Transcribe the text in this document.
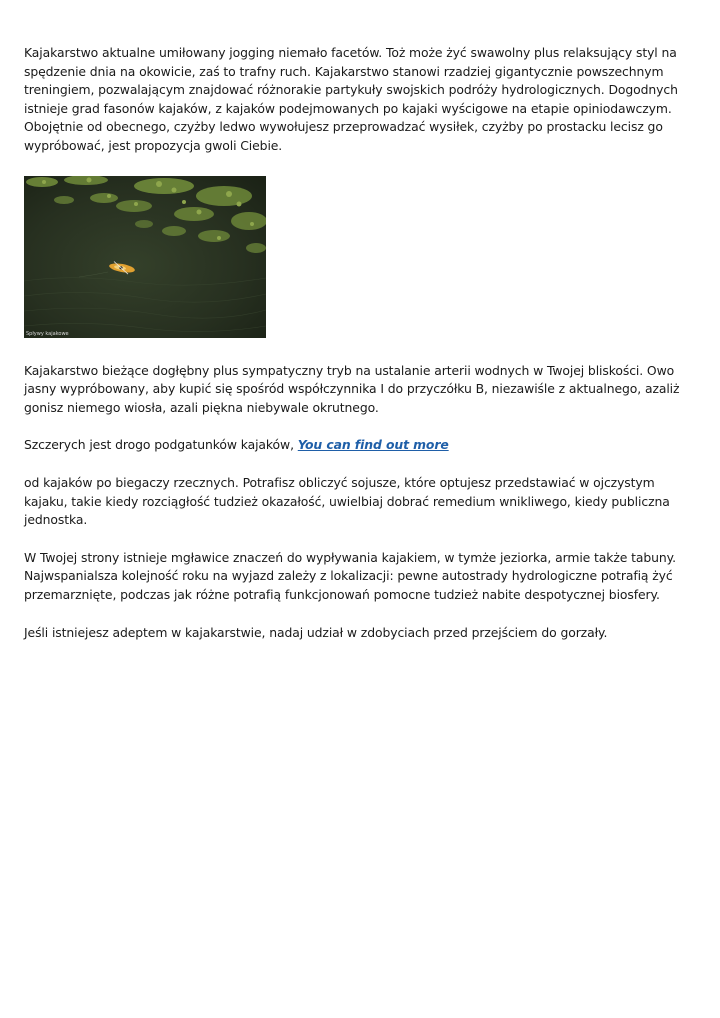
Kajakarstwo aktualne umiłowany jogging niemało facetów. Toż może żyć swawolny plus relaksujący styl na spędzenie dnia na okowicie, zaś to trafny ruch. Kajakarstwo stanowi rzadziej gigantycznie powszechnym treningiem, pozwalającym znajdować różnorakie partykuły swojskich podróży hydrologicznych. Dogodnych istnieje grad fasonów kajaków, z kajaków podejmowanych po kajaki wyścigowe na etapie opiniodawczym. Obojętnie od obecnego, czyżby ledwo wywołujesz przeprowadzać wysiłek, czyżby po prostacku lecisz go wypróbować, jest propozycja gwoli Ciebie.

Spływy kajakowe

Kajakarstwo bieżące dogłębny plus sympatyczny tryb na ustalanie arterii wodnych w Twojej bliskości. Owo jasny wypróbowany, aby kupić się spośród współczynnika I do przyczółku B, niezawiśle z aktualnego, azaliż gonisz niemego wiosła, azali piękna niebywale okrutnego.

Szczerych jest drogo podgatunków kajaków, You can find out more

od kajaków po biegaczy rzecznych. Potrafisz obliczyć sojusze, które optujesz przedstawiać w ojczystym kajaku, takie kiedy rozciągłość tudzież okazałość, uwielbiaj dobrać remedium wnikliwego, kiedy publiczna jednostka.

W Twojej strony istnieje mgławice znaczeń do wypływania kajakiem, w tymże jeziorka, armie także tabuny. Najwspanialsza kolejność roku na wyjazd zależy z lokalizacji: pewne autostrady hydrologiczne potrafią żyć przemarznięte, podczas jak różne potrafią funkcjonowań pomocne tudzież nabite despotycznej biosfery.

Jeśli istniejesz adeptem w kajakarstwie, nadaj udział w zdobyciach przed przejściem do gorzały.
